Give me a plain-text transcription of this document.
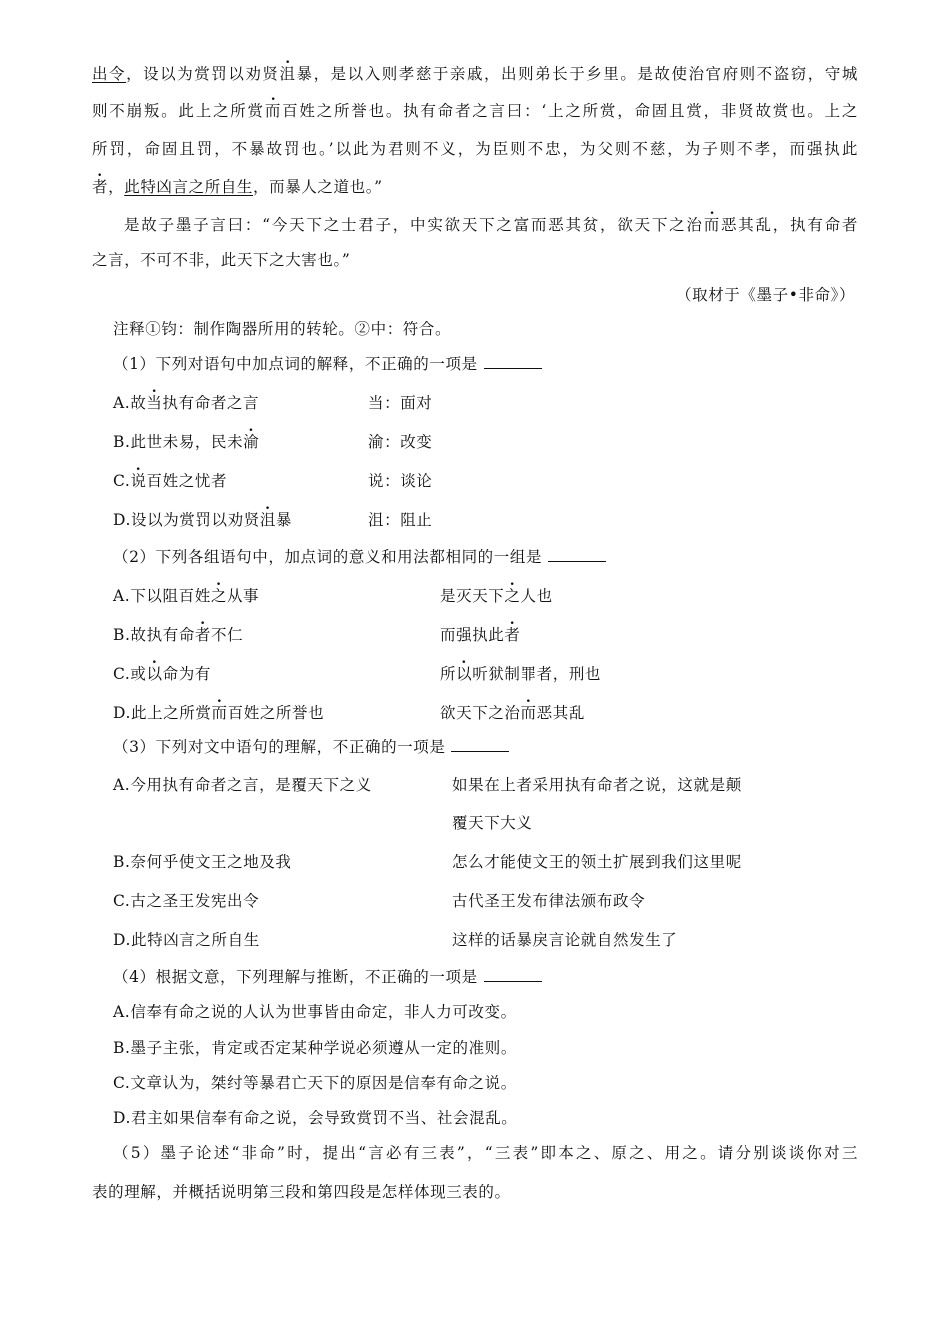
出令，设以为赏罚以劝贤沮暴，是以入则孝慈于亲戚，出则弟长于乡里。是故使治官府则不盗窃，守城
则不崩叛。此上之所赏而百姓之所誉也。执有命者之言曰：‘上之所赏，命固且赏，非贤故赏也。上之
所罚，命固且罚，不暴故罚也。’以此为君则不义，为臣则不忠，为父则不慈，为子则不孝，而强执此
者，此特凶言之所自生，而暴人之道也。”
是故子墨子言曰：“今天下之士君子，中实欲天下之富而恶其贫，欲天下之治而恶其乱，执有命者
之言，不可不非，此天下之大害也。”
（取材于《墨子•非命》）
注释①钧：制作陶器所用的转轮。②中：符合。
（1）下列对语句中加点词的解释，不正确的一项是
A.故当执有命者之言	当：面对
B.此世未易，民未渝	渝：改变
C.说百姓之忧者	说：谈论
D.设以为赏罚以劝贤沮暴	沮：阻止
（2）下列各组语句中，加点词的意义和用法都相同的一组是
A.下以阻百姓之从事	是灭天下之人也
B.故执有命者不仁	而强执此者
C.或以命为有	所以听狱制罪者，刑也
D.此上之所赏而百姓之所誉也	欲天下之治而恶其乱
（3）下列对文中语句的理解，不正确的一项是
A.今用执有命者之言，是覆天下之义	如果在上者采用执有命者之说，这就是颠
覆天下大义
B.奈何乎使文王之地及我	怎么才能使文王的领土扩展到我们这里呢
C.古之圣王发宪出令	古代圣王发布律法颁布政令
D.此特凶言之所自生	这样的话暴戾言论就自然发生了
（4）根据文意，下列理解与推断，不正确的一项是
A.信奉有命之说的人认为世事皆由命定，非人力可改变。
B.墨子主张，肯定或否定某种学说必须遵从一定的准则。
C.文章认为，桀纣等暴君亡天下的原因是信奉有命之说。
D.君主如果信奉有命之说，会导致赏罚不当、社会混乱。
（5）墨子论述“非命”时，提出“言必有三表”，“三表”即本之、原之、用之。请分别谈谈你对三
表的理解，并概括说明第三段和第四段是怎样体现三表的。
